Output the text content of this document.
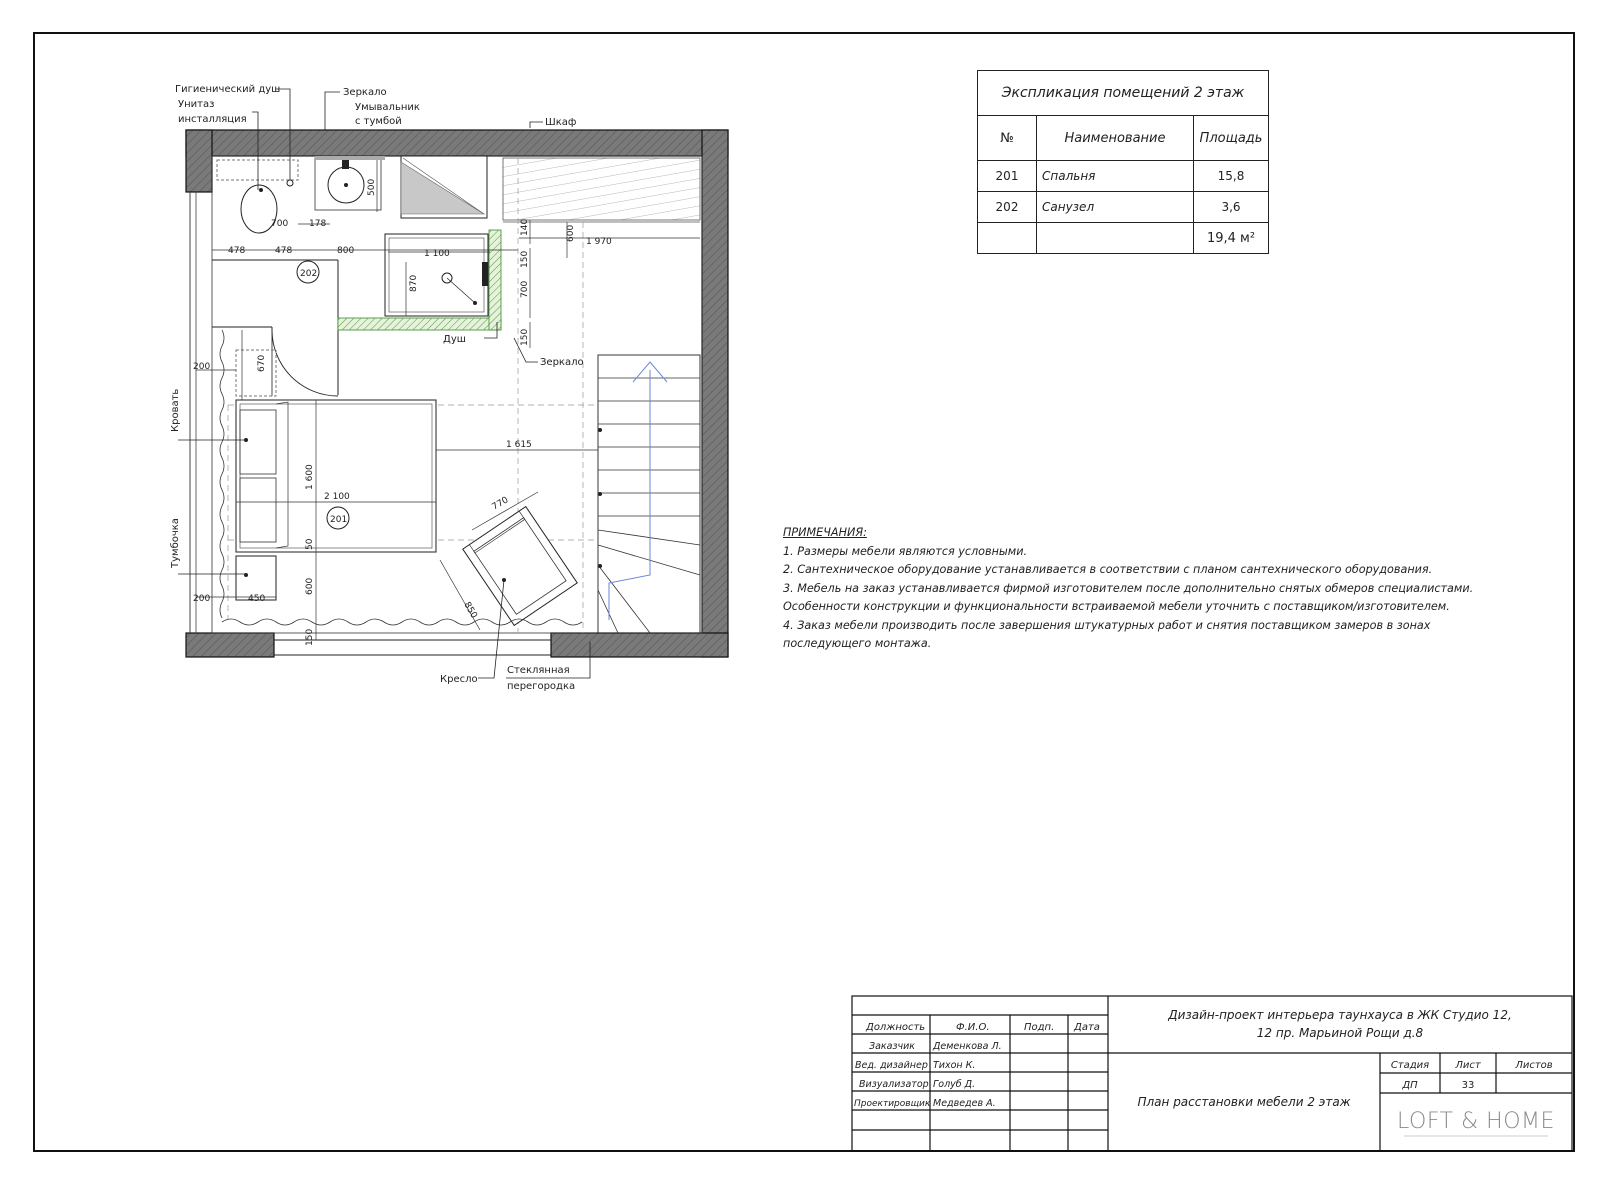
1 970
1 100
870
600
140
150
700
150
478	478	800
700 178
500
200	670
1 615
1 600
2 100
50
600
450
200
150
770
850
202
201
Гигиенический душ
Унитаз
инсталляция
Зеркало
Умывальник
с тумбой	Шкаф
Душ
Зеркало
Кровать
Тумбочка
Кресло
Стеклянная
перегородка
Должность	Ф.И.О.	Подп. Дата
Заказчик Деменкова Л.
Вед. дизайнер Тихон К.
Визуализатор Голуб Д.
Проектировщик Медведев А.
Дизайн-проект интерьера таунхауса в ЖК Студио 12,
12 пр. Марьиной Рощи д.8
План расстановки мебели 2 этаж
Стадия	Лист	Листов
ДП	33
LOFT & HOME
Экспликация помещений 2 этаж		
№	Наименование	Площадь
201	Спальня	15,8
202	Санузел	3,6
		19,4 м²
ПРИМЕЧАНИЯ:
1. Размеры мебели являются условными.
2. Сантехническое оборудование устанавливается в соответствии с планом сантехнического оборудования.
3. Мебель на заказ устанавливается фирмой изготовителем после дополнительно снятых обмеров специалистами.
Особенности конструкции и функциональности встраиваемой мебели уточнить с поставщиком/изготовителем.
4. Заказ мебели производить после завершения штукатурных работ и снятия поставщиком замеров в зонах
последующего монтажа.
